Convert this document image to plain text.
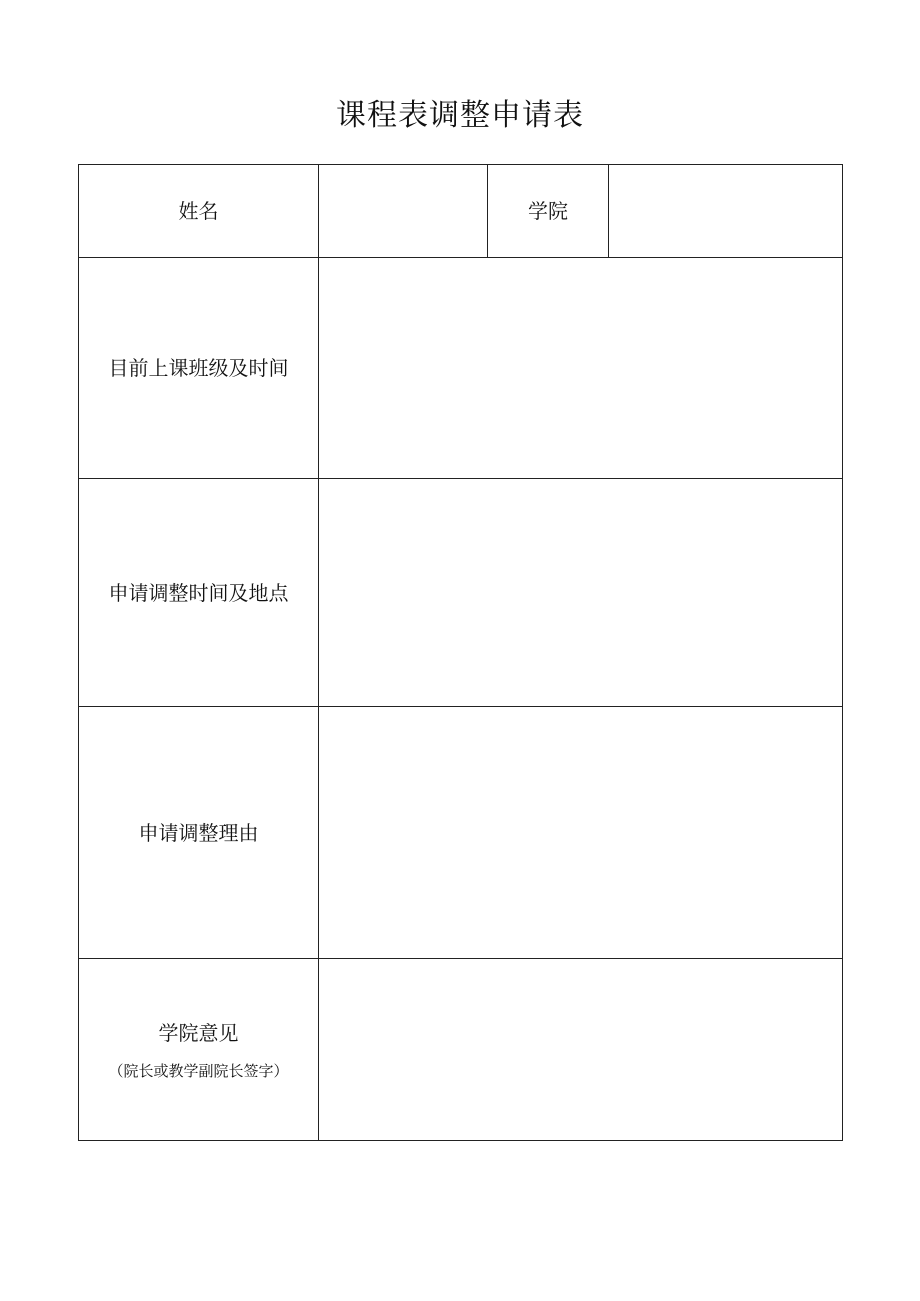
课程表调整申请表
姓名		学院	

目前上课班级及时间			

申请调整时间及地点			

申请调整理由			

学院意见
（院长或教学副院长签字）			
